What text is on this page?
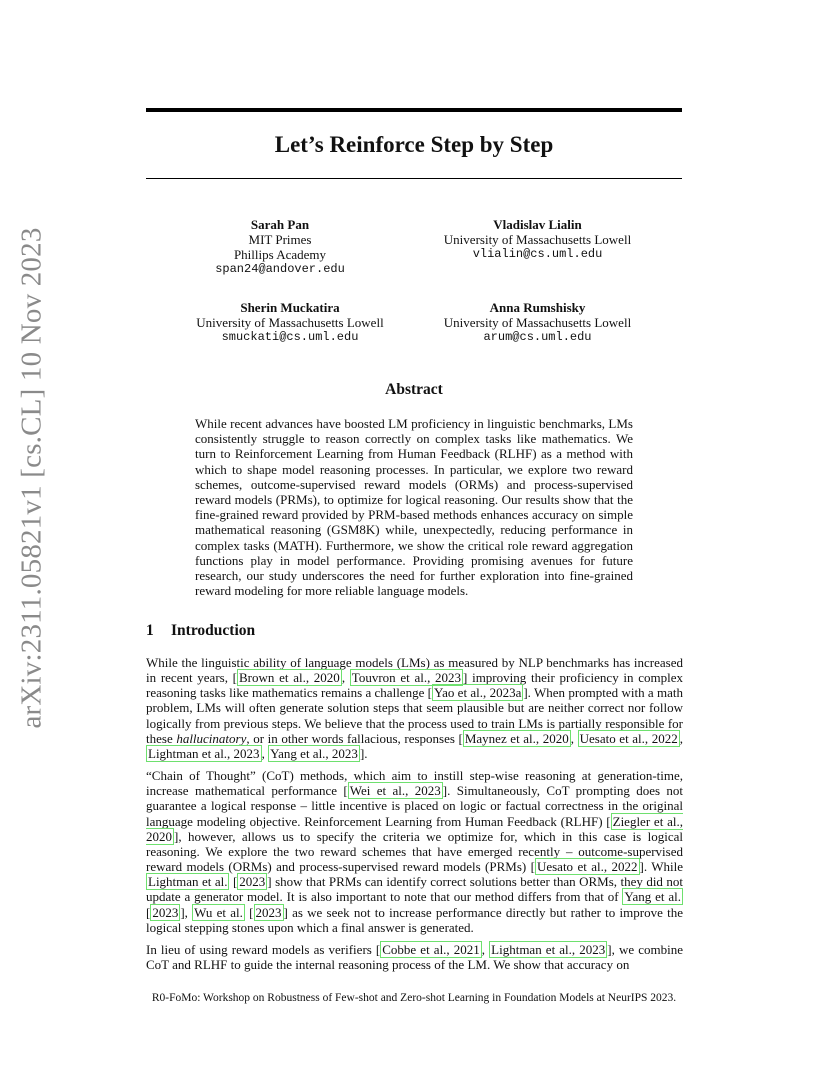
arXiv:2311.05821v1 [cs.CL] 10 Nov 2023
Let’s Reinforce Step by Step
Sarah Pan
MIT Primes
Phillips Academy
span24@andover.edu
Vladislav Lialin
University of Massachusetts Lowell
vlialin@cs.uml.edu
Sherin Muckatira
University of Massachusetts Lowell
smuckati@cs.uml.edu
Anna Rumshisky
University of Massachusetts Lowell
arum@cs.uml.edu
Abstract
While recent advances have boosted LM proficiency in linguistic benchmarks, LMs consistently struggle to reason correctly on complex tasks like mathematics. We turn to Reinforcement Learning from Human Feedback (RLHF) as a method with which to shape model reasoning processes. In particular, we explore two reward schemes, outcome-supervised reward models (ORMs) and process-supervised reward models (PRMs), to optimize for logical reasoning. Our results show that the fine-grained reward provided by PRM-based methods enhances accuracy on simple mathematical reasoning (GSM8K) while, unexpectedly, reducing performance in complex tasks (MATH). Furthermore, we show the critical role reward aggregation functions play in model performance. Providing promising avenues for future research, our study underscores the need for further exploration into fine-grained reward modeling for more reliable language models.
1 Introduction

While the linguistic ability of language models (LMs) as measured by NLP benchmarks has increased in recent years, [ Brown et al., 2020 , Touvron et al., 2023 ] improving their proficiency in complex reasoning tasks like mathematics remains a challenge [ Yao et al., 2023a ]. When prompted with a math problem, LMs will often generate solution steps that seem plausible but are neither correct nor follow logically from previous steps. We believe that the process used to train LMs is partially responsible for these hallucinatory, or in other words fallacious, responses [ Maynez et al., 2020 , Uesato et al., 2022 , Lightman et al., 2023 , Yang et al., 2023 ].

“Chain of Thought” (CoT) methods, which aim to instill step-wise reasoning at generation-time, increase mathematical performance [ Wei et al., 2023 ]. Simultaneously, CoT prompting does not guarantee a logical response – little incentive is placed on logic or factual correctness in the original language modeling objective. Reinforcement Learning from Human Feedback (RLHF) [ Ziegler et al., 2020 ], however, allows us to specify the criteria we optimize for, which in this case is logical reasoning. We explore the two reward schemes that have emerged recently – outcome-supervised reward models (ORMs) and process-supervised reward models (PRMs) [ Uesato et al., 2022 ]. While Lightman et al. [ 2023 ] show that PRMs can identify correct solutions better than ORMs, they did not update a generator model. It is also important to note that our method differs from that of Yang et al. [ 2023 ], Wu et al. [ 2023 ] as we seek not to increase performance directly but rather to improve the logical stepping stones upon which a final answer is generated.

In lieu of using reward models as verifiers [ Cobbe et al., 2021 , Lightman et al., 2023 ], we combine CoT and RLHF to guide the internal reasoning process of the LM. We show that accuracy on

R0-FoMo: Workshop on Robustness of Few-shot and Zero-shot Learning in Foundation Models at NeurIPS 2023.
